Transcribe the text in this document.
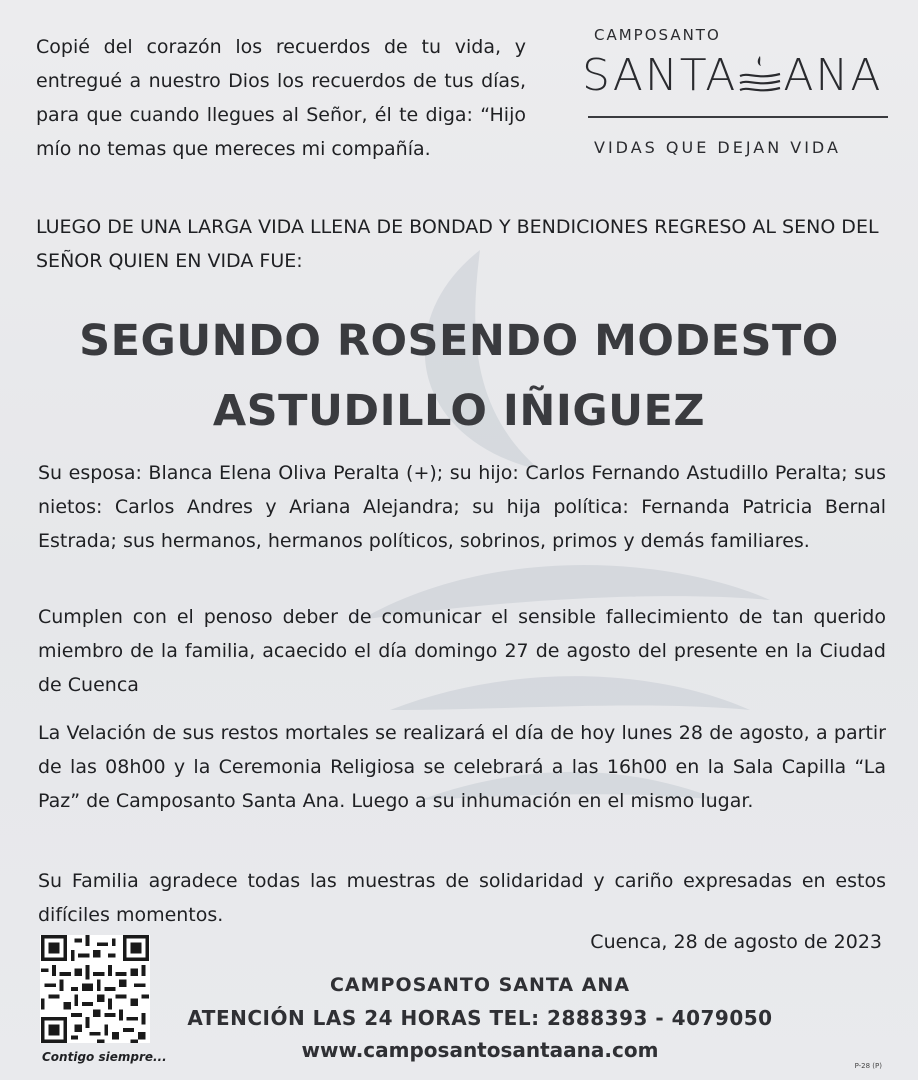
Copié del corazón los recuerdos de tu vida, y entregué a nuestro Dios los recuerdos de tus días, para que cuando llegues al Señor, él te diga: “Hijo mío no temas que mereces mi compañía.
CAMPOSANTO
SANTA ANA
VIDAS QUE DEJAN VIDA
LUEGO DE UNA LARGA VIDA LLENA DE BONDAD Y BENDICIONES REGRESO AL SENO DEL SEÑOR QUIEN EN VIDA FUE:
SEGUNDO ROSENDO MODESTO
ASTUDILLO IÑIGUEZ
Su esposa: Blanca Elena Oliva Peralta (+); su hijo: Carlos Fernando Astudillo Peralta; sus nietos: Carlos Andres y Ariana Alejandra; su hija política: Fernanda Patricia Bernal Estrada; sus hermanos, hermanos políticos, sobrinos, primos y demás familiares.
Cumplen con el penoso deber de comunicar el sensible fallecimiento de tan querido miembro de la familia, acaecido el día domingo 27 de agosto del presente en la Ciudad de Cuenca
La Velación de sus restos mortales se realizará el día de hoy lunes 28 de agosto, a partir de las 08h00 y la Ceremonia Religiosa se celebrará a las 16h00 en la Sala Capilla “La Paz” de Camposanto Santa Ana. Luego a su inhumación en el mismo lugar.
Su Familia agradece todas las muestras de solidaridad y cariño expresadas en estos difíciles momentos.
Cuenca, 28 de agosto de 2023
Contigo siempre...
CAMPOSANTO SANTA ANA
ATENCIÓN LAS 24 HORAS TEL: 2888393 - 4079050
www.camposantosantaana.com
P-28 (P)
